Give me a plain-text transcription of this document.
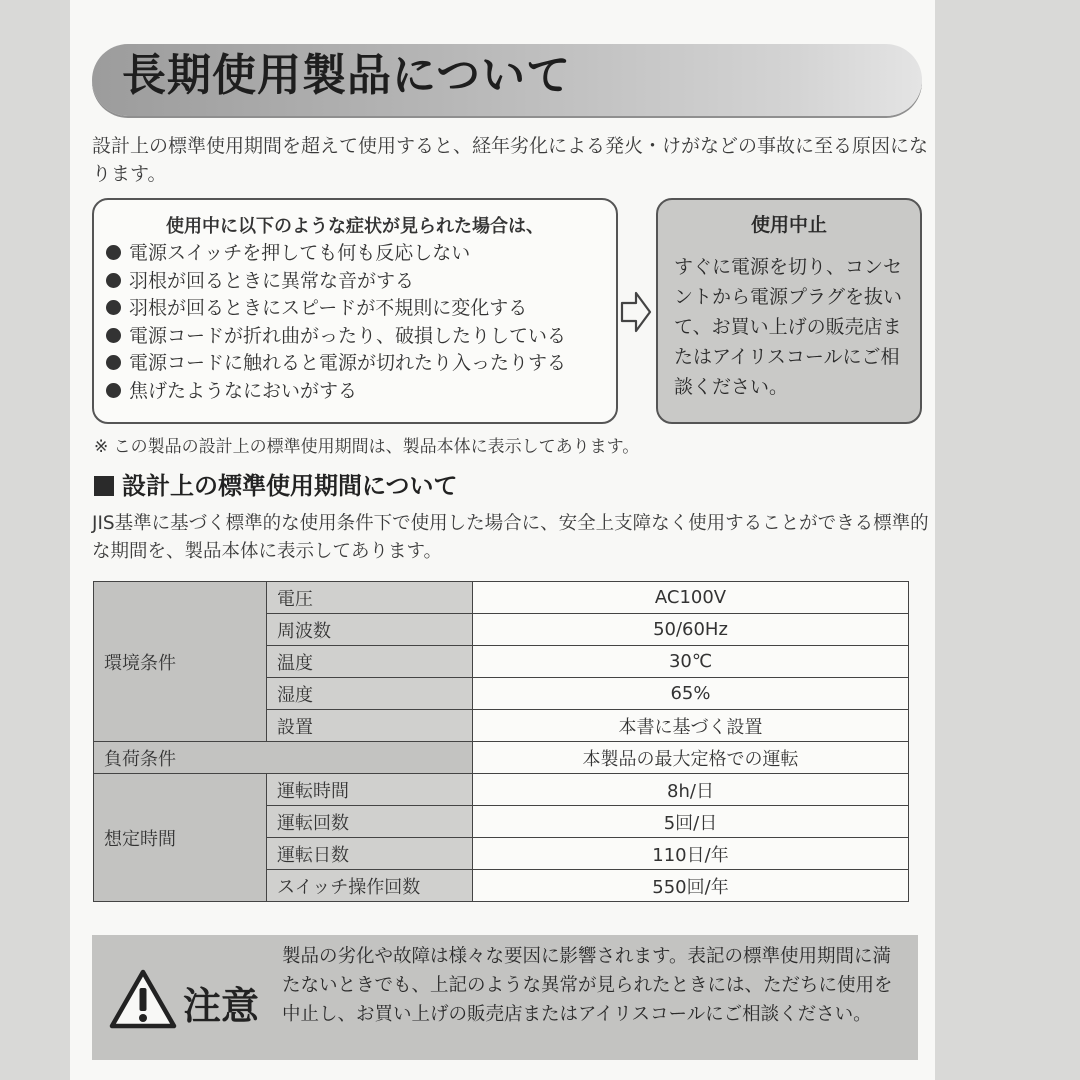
長期使用製品について
設計上の標準使用期間を超えて使用すると、経年劣化による発火・けがなどの事故に至る原因になります。
使用中に以下のような症状が見られた場合は、
電源スイッチを押しても何も反応しない
羽根が回るときに異常な音がする
羽根が回るときにスピードが不規則に変化する
電源コードが折れ曲がったり、破損したりしている
電源コードに触れると電源が切れたり入ったりする
焦げたようなにおいがする
使用中止
すぐに電源を切り、コンセントから電源プラグを抜いて、お買い上げの販売店またはアイリスコールにご相談ください。
※ この製品の設計上の標準使用期間は、製品本体に表示してあります。
設計上の標準使用期間について
JIS基準に基づく標準的な使用条件下で使用した場合に、安全上支障なく使用することができる標準的な期間を、製品本体に表示してあります。
環境条件	電圧	AC100V
	周波数	50/60Hz
	温度	30℃
	湿度	65%
	設置	本書に基づく設置
負荷条件		本製品の最大定格での運転
想定時間	運転時間	8h/日
	運転回数	5回/日
	運転日数	110日/年
	スイッチ操作回数	550回/年
注意
製品の劣化や故障は様々な要因に影響されます。表記の標準使用期間に満たないときでも、上記のような異常が見られたときには、ただちに使用を中止し、お買い上げの販売店またはアイリスコールにご相談ください。
